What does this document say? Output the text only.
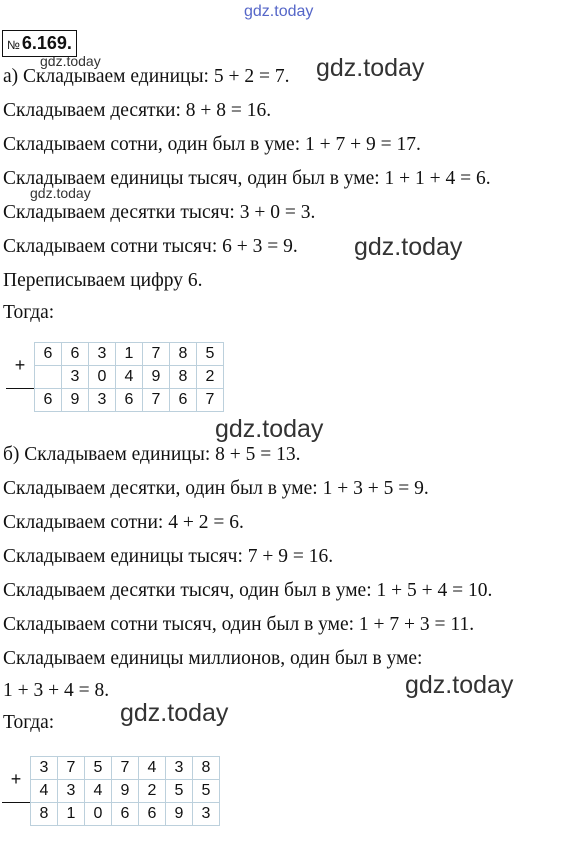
gdz.today
gdz.today	gdz.today
gdz.today
gdz.today
gdz.today
gdz.today
gdz.today
№ 6.169.
а) Складываем единицы: 5 + 2 = 7.
Складываем десятки: 8 + 8 = 16.
Складываем сотни, один был в уме: 1 + 7 + 9 = 17.
Складываем единицы тысяч, один был в уме: 1 + 1 + 4 = 6.
Складываем десятки тысяч: 3 + 0 = 3.
Складываем сотни тысяч: 6 + 3 = 9.
Переписываем цифру 6.
Тогда:
+	6	6	3	1	7	8	5
		3	0	4	9	8	2
	6	9	3	6	7	6	7
б) Складываем единицы: 8 + 5 = 13.
Складываем десятки, один был в уме: 1 + 3 + 5 = 9.
Складываем сотни: 4 + 2 = 6.
Складываем единицы тысяч: 7 + 9 = 16.
Складываем десятки тысяч, один был в уме: 1 + 5 + 4 = 10.
Складываем сотни тысяч, один был в уме: 1 + 7 + 3 = 11.
Складываем единицы миллионов, один был в уме:
1 + 3 + 4 = 8.
Тогда:
+	3	7	5	7	4	3	8
	4	3	4	9	2	5	5
	8	1	0	6	6	9	3
